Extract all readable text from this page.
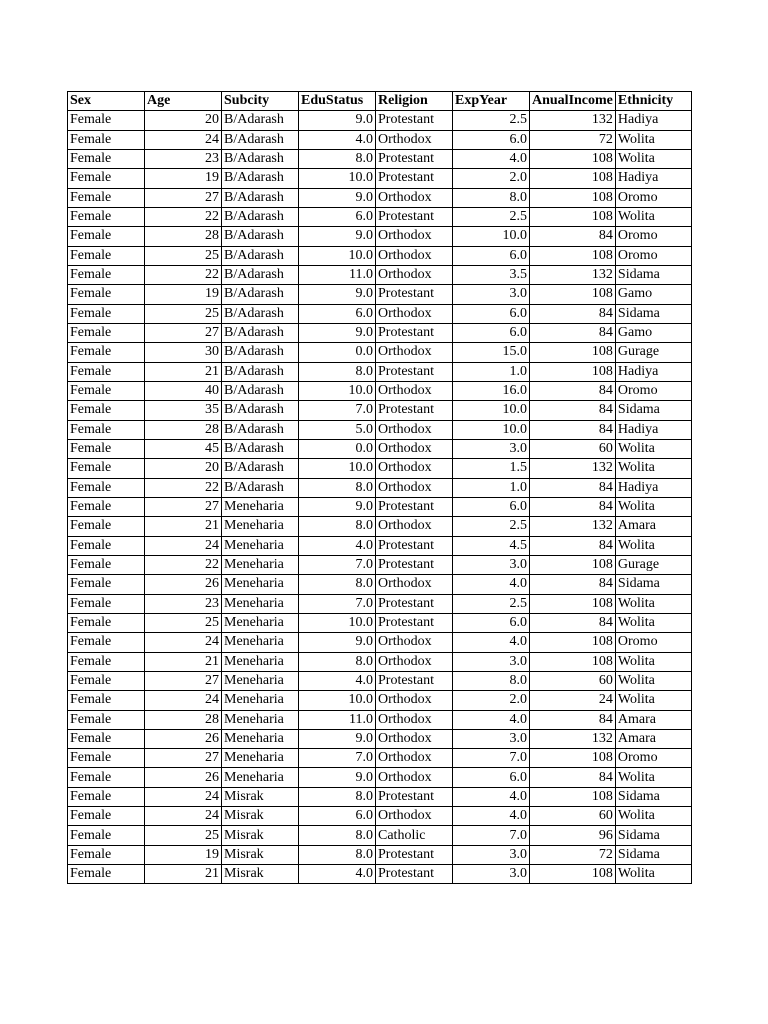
Sex	Age	Subcity	EduStatus	Religion	ExpYear	AnualIncome	Ethnicity
Female	20	B/Adarash	9.0	Protestant	2.5	132	Hadiya
Female	24	B/Adarash	4.0	Orthodox	6.0	72	Wolita
Female	23	B/Adarash	8.0	Protestant	4.0	108	Wolita
Female	19	B/Adarash	10.0	Protestant	2.0	108	Hadiya
Female	27	B/Adarash	9.0	Orthodox	8.0	108	Oromo
Female	22	B/Adarash	6.0	Protestant	2.5	108	Wolita
Female	28	B/Adarash	9.0	Orthodox	10.0	84	Oromo
Female	25	B/Adarash	10.0	Orthodox	6.0	108	Oromo
Female	22	B/Adarash	11.0	Orthodox	3.5	132	Sidama
Female	19	B/Adarash	9.0	Protestant	3.0	108	Gamo
Female	25	B/Adarash	6.0	Orthodox	6.0	84	Sidama
Female	27	B/Adarash	9.0	Protestant	6.0	84	Gamo
Female	30	B/Adarash	0.0	Orthodox	15.0	108	Gurage
Female	21	B/Adarash	8.0	Protestant	1.0	108	Hadiya
Female	40	B/Adarash	10.0	Orthodox	16.0	84	Oromo
Female	35	B/Adarash	7.0	Protestant	10.0	84	Sidama
Female	28	B/Adarash	5.0	Orthodox	10.0	84	Hadiya
Female	45	B/Adarash	0.0	Orthodox	3.0	60	Wolita
Female	20	B/Adarash	10.0	Orthodox	1.5	132	Wolita
Female	22	B/Adarash	8.0	Orthodox	1.0	84	Hadiya
Female	27	Meneharia	9.0	Protestant	6.0	84	Wolita
Female	21	Meneharia	8.0	Orthodox	2.5	132	Amara
Female	24	Meneharia	4.0	Protestant	4.5	84	Wolita
Female	22	Meneharia	7.0	Protestant	3.0	108	Gurage
Female	26	Meneharia	8.0	Orthodox	4.0	84	Sidama
Female	23	Meneharia	7.0	Protestant	2.5	108	Wolita
Female	25	Meneharia	10.0	Protestant	6.0	84	Wolita
Female	24	Meneharia	9.0	Orthodox	4.0	108	Oromo
Female	21	Meneharia	8.0	Orthodox	3.0	108	Wolita
Female	27	Meneharia	4.0	Protestant	8.0	60	Wolita
Female	24	Meneharia	10.0	Orthodox	2.0	24	Wolita
Female	28	Meneharia	11.0	Orthodox	4.0	84	Amara
Female	26	Meneharia	9.0	Orthodox	3.0	132	Amara
Female	27	Meneharia	7.0	Orthodox	7.0	108	Oromo
Female	26	Meneharia	9.0	Orthodox	6.0	84	Wolita
Female	24	Misrak	8.0	Protestant	4.0	108	Sidama
Female	24	Misrak	6.0	Orthodox	4.0	60	Wolita
Female	25	Misrak	8.0	Catholic	7.0	96	Sidama
Female	19	Misrak	8.0	Protestant	3.0	72	Sidama
Female	21	Misrak	4.0	Protestant	3.0	108	Wolita
